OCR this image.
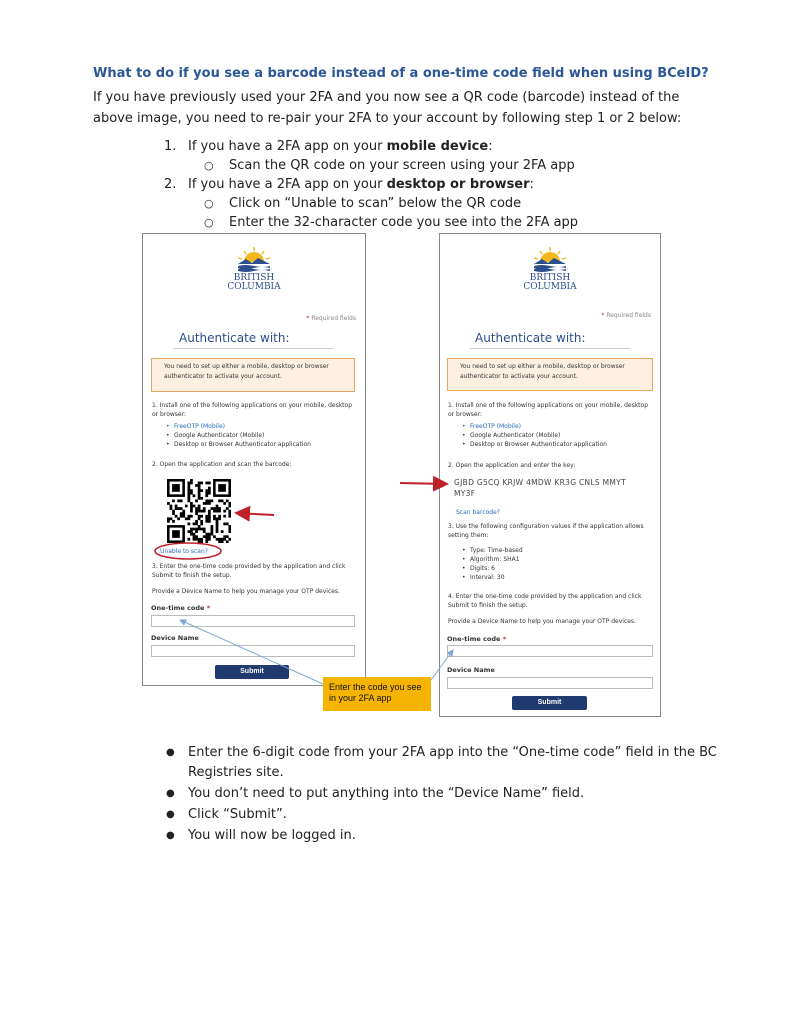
What to do if you see a barcode instead of a one-time code field when using BCeID?

If you have previously used your 2FA and you now see a QR code (barcode) instead of the above image, you need to re-pair your 2FA to your account by following step 1 or 2 below:

1. If you have a 2FA app on your mobile device:
○ Scan the QR code on your screen using your 2FA app
2. If you have a 2FA app on your desktop or browser:
○ Click on “Unable to scan” below the QR code
○ Enter the 32-character code you see into the 2FA app
BRITISH
COLUMBIA
* Required fields
Authenticate with:
You need to set up either a mobile, desktop or browser authenticator to activate your account.
1. Install one of the following applications on your mobile, desktop or browser:
• FreeOTP (Mobile)
• Google Authenticator (Mobile)
• Desktop or Browser Authenticator application
2. Open the application and scan the barcode:
Unable to scan?
3. Enter the one-time code provided by the application and click Submit to finish the setup.
Provide a Device Name to help you manage your OTP devices.
One-time code *
Device Name
Submit
BRITISH
COLUMBIA
* Required fields
Authenticate with:
You need to set up either a mobile, desktop or browser authenticator to activate your account.
1. Install one of the following applications on your mobile, desktop or browser:
• FreeOTP (Mobile)
• Google Authenticator (Mobile)
• Desktop or Browser Authenticator application
2. Open the application and enter the key:
GJBD G5CQ KRJW 4MDW KR3G CNLS MMYT
MY3F
Scan barcode?
3. Use the following configuration values if the application allows setting them:
• Type: Time-based
• Algorithm: SHA1
• Digits: 6
• Interval: 30
4. Enter the one-time code provided by the application and click Submit to finish the setup.
Provide a Device Name to help you manage your OTP devices.
One-time code *
Device Name
Submit
Enter the code you see in your 2FA app
● Enter the 6-digit code from your 2FA app into the “One-time code” field in the BC Registries site.
● You don’t need to put anything into the “Device Name” field.
● Click “Submit”.
● You will now be logged in.
